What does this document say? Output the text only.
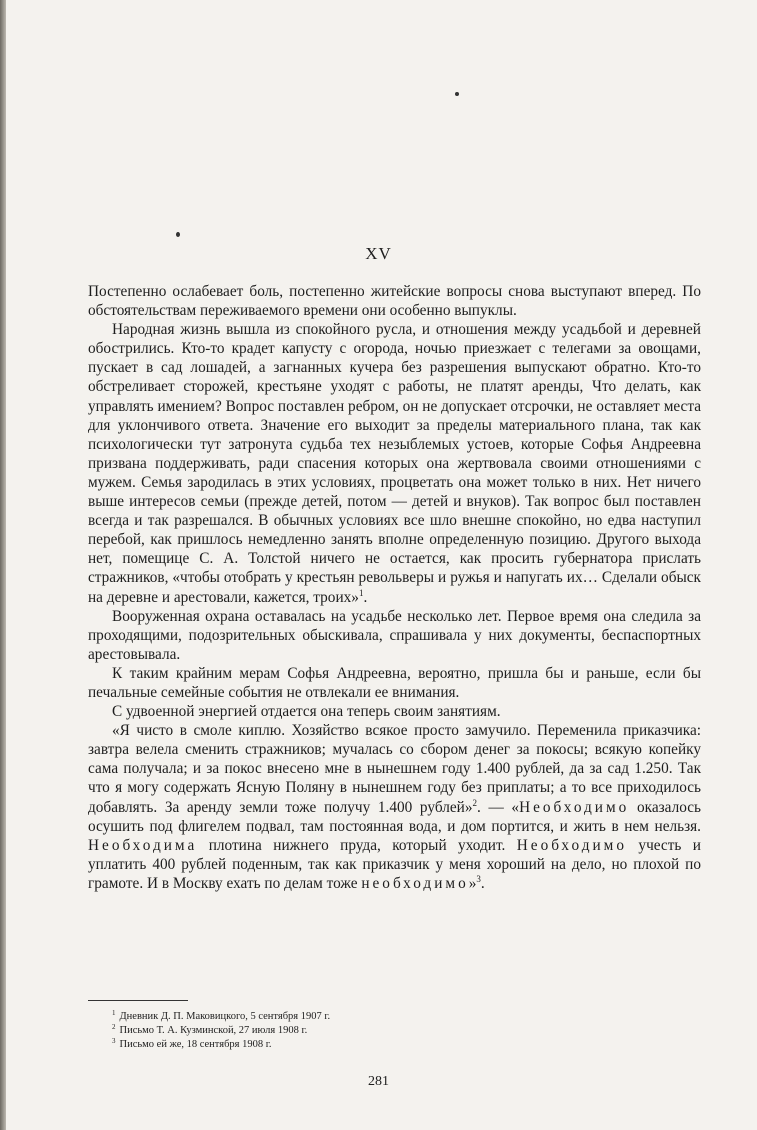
XV

Постепенно ослабевает боль, постепенно житейские вопросы снова выступают вперед. По обстоятельствам переживаемого времени они особенно выпуклы.

Народная жизнь вышла из спокойного русла, и отношения между усадьбой и деревней обострились. Кто-то крадет капусту с огорода, ночью приезжает с телегами за овощами, пускает в сад лошадей, а загнанных кучера без разрешения выпускают обратно. Кто-то обстреливает сторожей, крестьяне уходят с работы, не платят аренды, Что делать, как управлять имением? Вопрос поставлен ребром, он не допускает отсрочки, не оставляет места для уклончивого ответа. Значение его выходит за пределы материального плана, так как психологически тут затронута судьба тех незыблемых устоев, которые Софья Андреевна призвана поддерживать, ради спасения которых она жертвовала своими отношениями с мужем. Семья зародилась в этих условиях, процветать она может только в них. Нет ничего выше интересов семьи (прежде детей, потом — детей и внуков). Так вопрос был поставлен всегда и так разрешался. В обычных условиях все шло внешне спокойно, но едва наступил перебой, как пришлось немедленно занять вполне определенную позицию. Другого выхода нет, помещице С. А. Толстой ничего не остается, как просить губернатора прислать стражников, «чтобы отобрать у крестьян револьверы и ружья и напугать их… Сделали обыск на деревне и арестовали, кажется, троих»$^1$.

Вооруженная охрана оставалась на усадьбе несколько лет. Первое время она следила за проходящими, подозрительных обыскивала, спрашивала у них документы, беспаспортных арестовывала.

К таким крайним мерам Софья Андреевна, вероятно, пришла бы и раньше, если бы печальные семейные события не отвлекали ее внимания.

С удвоенной энергией отдается она теперь своим занятиям.

«Я чисто в смоле киплю. Хозяйство всякое просто замучило. Переменила приказчика: завтра велела сменить стражников; мучалась со сбором денег за покосы; всякую копейку сама получала; и за покос внесено мне в нынешнем году 1.400 рублей, да за сад 1.250. Так что я могу содержать Ясную Поляну в нынешнем году без приплаты; а то все приходилось добавлять. За аренду земли тоже получу 1.400 рублей»$^2$. — «Необходимо оказалось осушить под флигелем подвал, там постоянная вода, и дом портится, и жить в нем нельзя. Необходима плотина нижнего пруда, который уходит. Необходимо учесть и уплатить 400 рублей поденным, так как приказчик у меня хороший на дело, но плохой по грамоте. И в Москву ехать по делам тоже необходимо»$^3$.

$^1$ Дневник Д. П. Маковицкого, 5 сентября 1907 г.
$^2$ Письмо Т. А. Кузминской, 27 июля 1908 г.
$^3$ Письмо ей же, 18 сентября 1908 г.
281
